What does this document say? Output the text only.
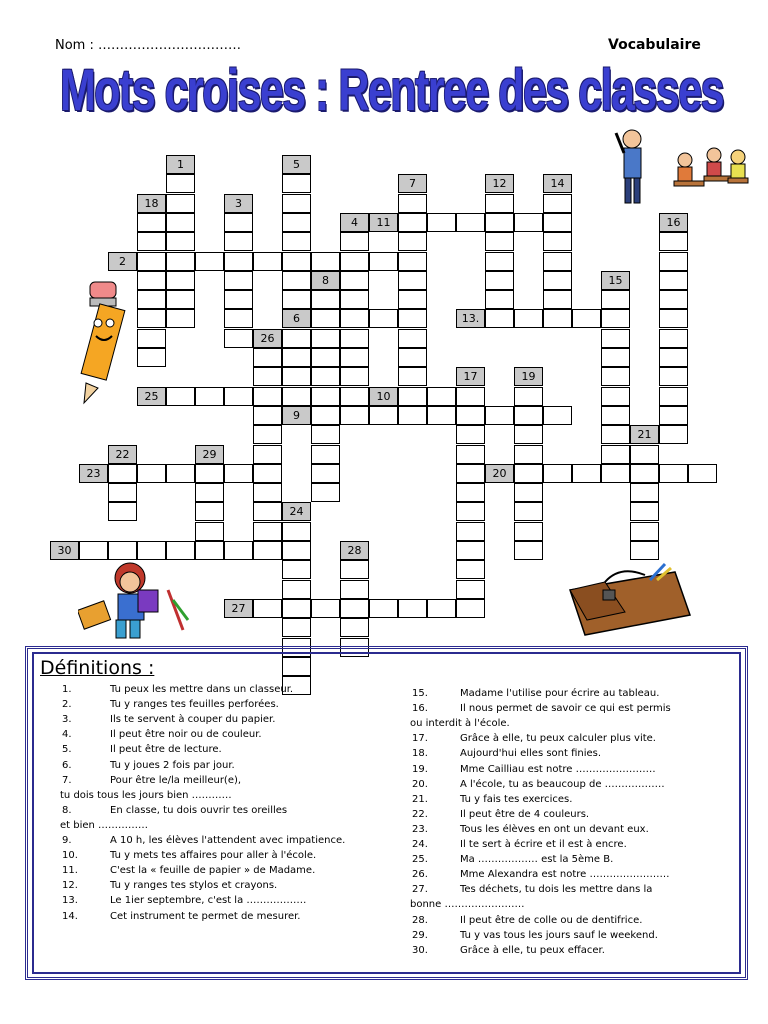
Nom : ……………………………	Vocabulaire
Mots croises : Rentree des classes
1	5
6
7	12	14
18	3
4	16
11
2
8	15
13.
26
17	19
25	10
9
21
22	29
23	20
24
30	28
27
Définitions :
1.	Tu peux les mettre dans un classeur.
2.	Tu y ranges tes feuilles perforées.
3.	Ils te servent à couper du papier.
4.	Il peut être noir ou de couleur.
5.	Il peut être de lecture.
6.	Tu y joues 2 fois par jour.
7.	Pour être le/la meilleur(e),
tu dois tous les jours bien …………
8.	En classe, tu dois ouvrir tes oreilles
et bien ……………
9.	A 10 h, les élèves l'attendent avec impatience.
10.	Tu y mets tes affaires pour aller à l'école.
11.	C'est la « feuille de papier » de Madame.
12.	Tu y ranges tes stylos et crayons.
13.	Le 1ier septembre, c'est la ………………
14.	Cet instrument te permet de mesurer.
15.	Madame l'utilise pour écrire au tableau.
16.	Il nous permet de savoir ce qui est permis
ou interdit à l'école.
17.	Grâce à elle, tu peux calculer plus vite.
18.	Aujourd'hui elles sont finies.
19.	Mme Cailliau est notre ……………………
20.	A l'école, tu as beaucoup de ………………
21.	Tu y fais tes exercices.
22.	Il peut être de 4 couleurs.
23.	Tous les élèves en ont un devant eux.
24.	Il te sert à écrire et il est à encre.
25.	Ma ……………… est la 5ème B.
26.	Mme Alexandra est notre ……………………
27.	Tes déchets, tu dois les mettre dans la
bonne ……………………
28.	Il peut être de colle ou de dentifrice.
29.	Tu y vas tous les jours sauf le weekend.
30.	Grâce à elle, tu peux effacer.
